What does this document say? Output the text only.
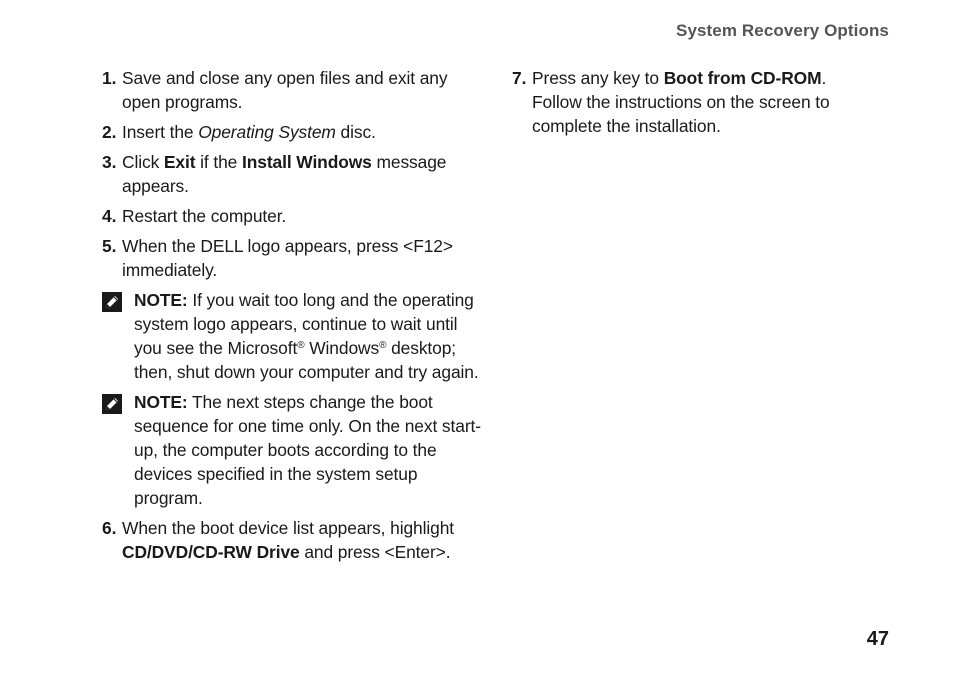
System Recovery Options
1. Save and close any open files and exit any open programs.
2. Insert the Operating System disc.
3. Click Exit if the Install Windows message appears.
4. Restart the computer.
5. When the DELL logo appears, press <F12> immediately.
NOTE: If you wait too long and the operating system logo appears, continue to wait until you see the Microsoft® Windows® desktop; then, shut down your computer and try again.
NOTE: The next steps change the boot sequence for one time only. On the next start-up, the computer boots according to the devices specified in the system setup program.
6. When the boot device list appears, highlight CD/DVD/CD-RW Drive and press <Enter>.
7. Press any key to Boot from CD-ROM. Follow the instructions on the screen to complete the installation.
47
